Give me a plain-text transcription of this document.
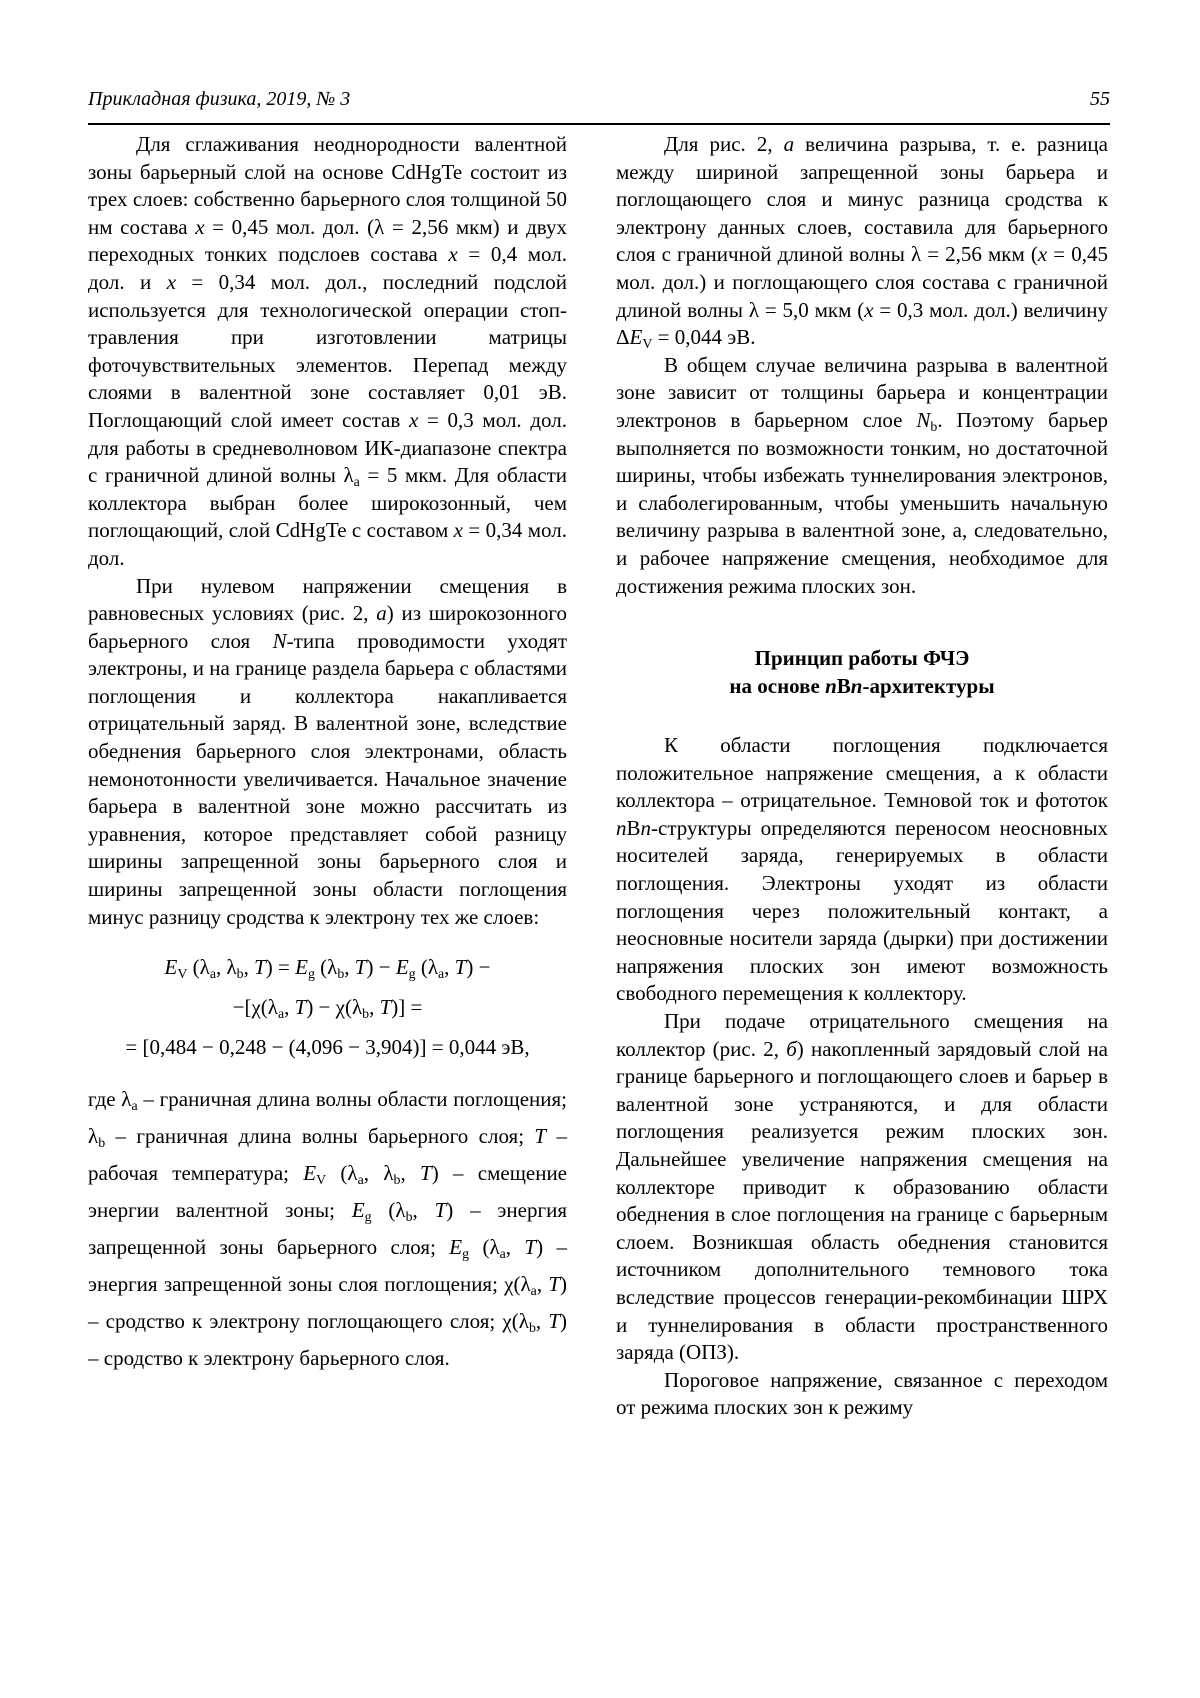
Прикладная физика, 2019, № 3	55

Для сглаживания неоднородности валентной зоны барьерный слой на основе CdHgTe состоит из трех слоев: собственно барьерного слоя толщиной 50 нм состава x = 0,45 мол. дол. (λ = 2,56 мкм) и двух переходных тонких подслоев состава x = 0,4 мол. дол. и x = 0,34 мол. дол., последний подслой используется для технологической операции стоп-травления при изготовлении матрицы фоточувствительных элементов. Перепад между слоями в валентной зоне составляет 0,01 эВ. Поглощающий слой имеет состав x = 0,3 мол. дол. для работы в средневолновом ИК-диапазоне спектра с граничной длиной волны $\lambda_a = 5$ мкм. Для области коллектора выбран более широкозонный, чем поглощающий, слой CdHgTe с составом x = 0,34 мол. дол.

При нулевом напряжении смещения в равновесных условиях (рис. 2, а) из широкозонного барьерного слоя N-типа проводимости уходят электроны, и на границе раздела барьера с областями поглощения и коллектора накапливается отрицательный заряд. В валентной зоне, вследствие обеднения барьерного слоя электронами, область немонотонности увеличивается. Начальное значение барьера в валентной зоне можно рассчитать из уравнения, которое представляет собой разницу ширины запрещенной зоны барьерного слоя и ширины запрещенной зоны области поглощения минус разницу сродства к электрону тех же слоев:

$E_V$ ($\lambda_a$, $\lambda_b$, $T) = E_g$ ($\lambda_b$, $T) - E_g$ ($\lambda_a$, T) −
$-[\chi(\lambda_a$, $T) - \chi(\lambda_b$, T)] =
= [0,484 − 0,248 − (4,096 − 3,904)] = 0,044 эВ,

где $\lambda_a$ – граничная длина волны области поглощения; $\lambda_b$ – граничная длина волны барьерного слоя; T – рабочая температура; $E_V$ ($\lambda_a$, $\lambda_b$, T) – смещение энергии валентной зоны; $E_g$ ($\lambda_b$, T) – энергия запрещенной зоны барьерного слоя; $E_g$ ($\lambda_a$, T) – энергия запрещенной зоны слоя поглощения; $\chi(\lambda_a$, T) – сродство к электрону поглощающего слоя; $\chi(\lambda_b$, T) – сродство к электрону барьерного слоя.

Для рис. 2, а величина разрыва, т. е. разница между шириной запрещенной зоны барьера и поглощающего слоя и минус разница сродства к электрону данных слоев, составила для барьерного слоя с граничной длиной волны λ = 2,56 мкм (x = 0,45 мол. дол.) и поглощающего слоя состава с граничной длиной волны λ = 5,0 мкм (x = 0,3 мол. дол.) величину $\Delta E_V = 0,044$ эВ.

В общем случае величина разрыва в валентной зоне зависит от толщины барьера и концентрации электронов в барьерном слое $N_b$. Поэтому барьер выполняется по возможности тонким, но достаточной ширины, чтобы избежать туннелирования электронов, и слаболегированным, чтобы уменьшить начальную величину разрыва в валентной зоне, а, следовательно, и рабочее напряжение смещения, необходимое для достижения режима плоских зон.

Принцип работы ФЧЭ
на основе nBn-архитектуры

К области поглощения подключается положительное напряжение смещения, а к области коллектора – отрицательное. Темновой ток и фототок nBn-структуры определяются переносом неосновных носителей заряда, генерируемых в области поглощения. Электроны уходят из области поглощения через положительный контакт, а неосновные носители заряда (дырки) при достижении напряжения плоских зон имеют возможность свободного перемещения к коллектору.

При подаче отрицательного смещения на коллектор (рис. 2, б) накопленный зарядовый слой на границе барьерного и поглощающего слоев и барьер в валентной зоне устраняются, и для области поглощения реализуется режим плоских зон. Дальнейшее увеличение напряжения смещения на коллекторе приводит к образованию области обеднения в слое поглощения на границе с барьерным слоем. Возникшая область обеднения становится источником дополнительного темнового тока вследствие процессов генерации-рекомбинации ШРХ и туннелирования в области пространственного заряда (ОПЗ).

Пороговое напряжение, связанное с переходом от режима плоских зон к режиму
